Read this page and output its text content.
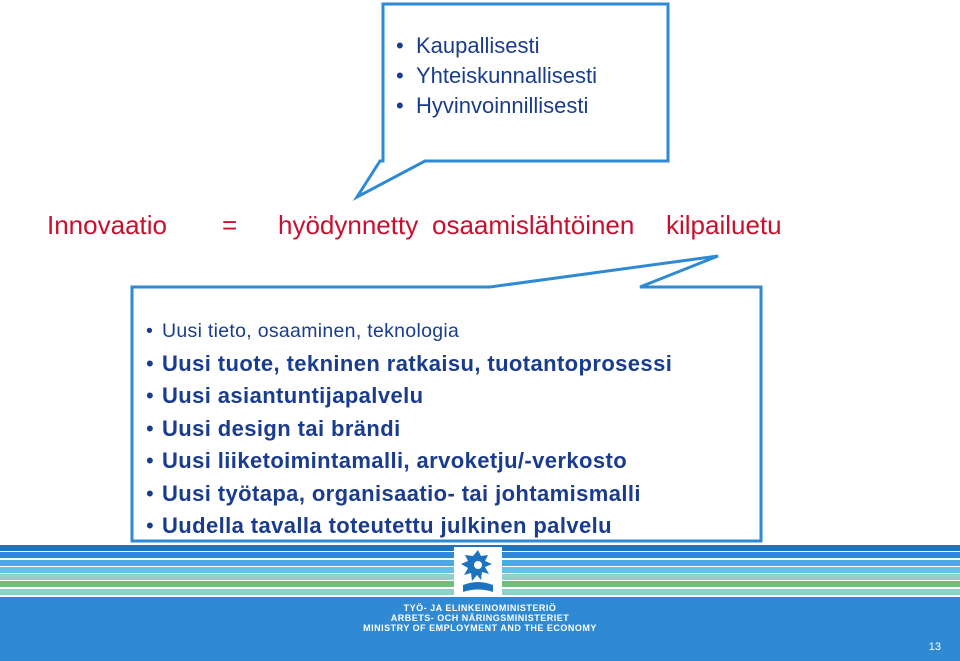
• Kaupallisesti
• Yhteiskunnallisesti
• Hyvinvoinnillisesti
Innovaatio = hyödynnetty osaamislähtöinen kilpailuetu
• Uusi tieto, osaaminen, teknologia
• Uusi tuote, tekninen ratkaisu, tuotantoprosessi
• Uusi asiantuntijapalvelu
• Uusi design tai brändi
• Uusi liiketoimintamalli, arvoketju/-verkosto
• Uusi työtapa, organisaatio- tai johtamismalli
• Uudella tavalla toteutettu julkinen palvelu
TYÖ- JA ELINKEINOMINISTERIÖ
ARBETS- OCH NÄRINGSMINISTERIET
MINISTRY OF EMPLOYMENT AND THE ECONOMY
13
